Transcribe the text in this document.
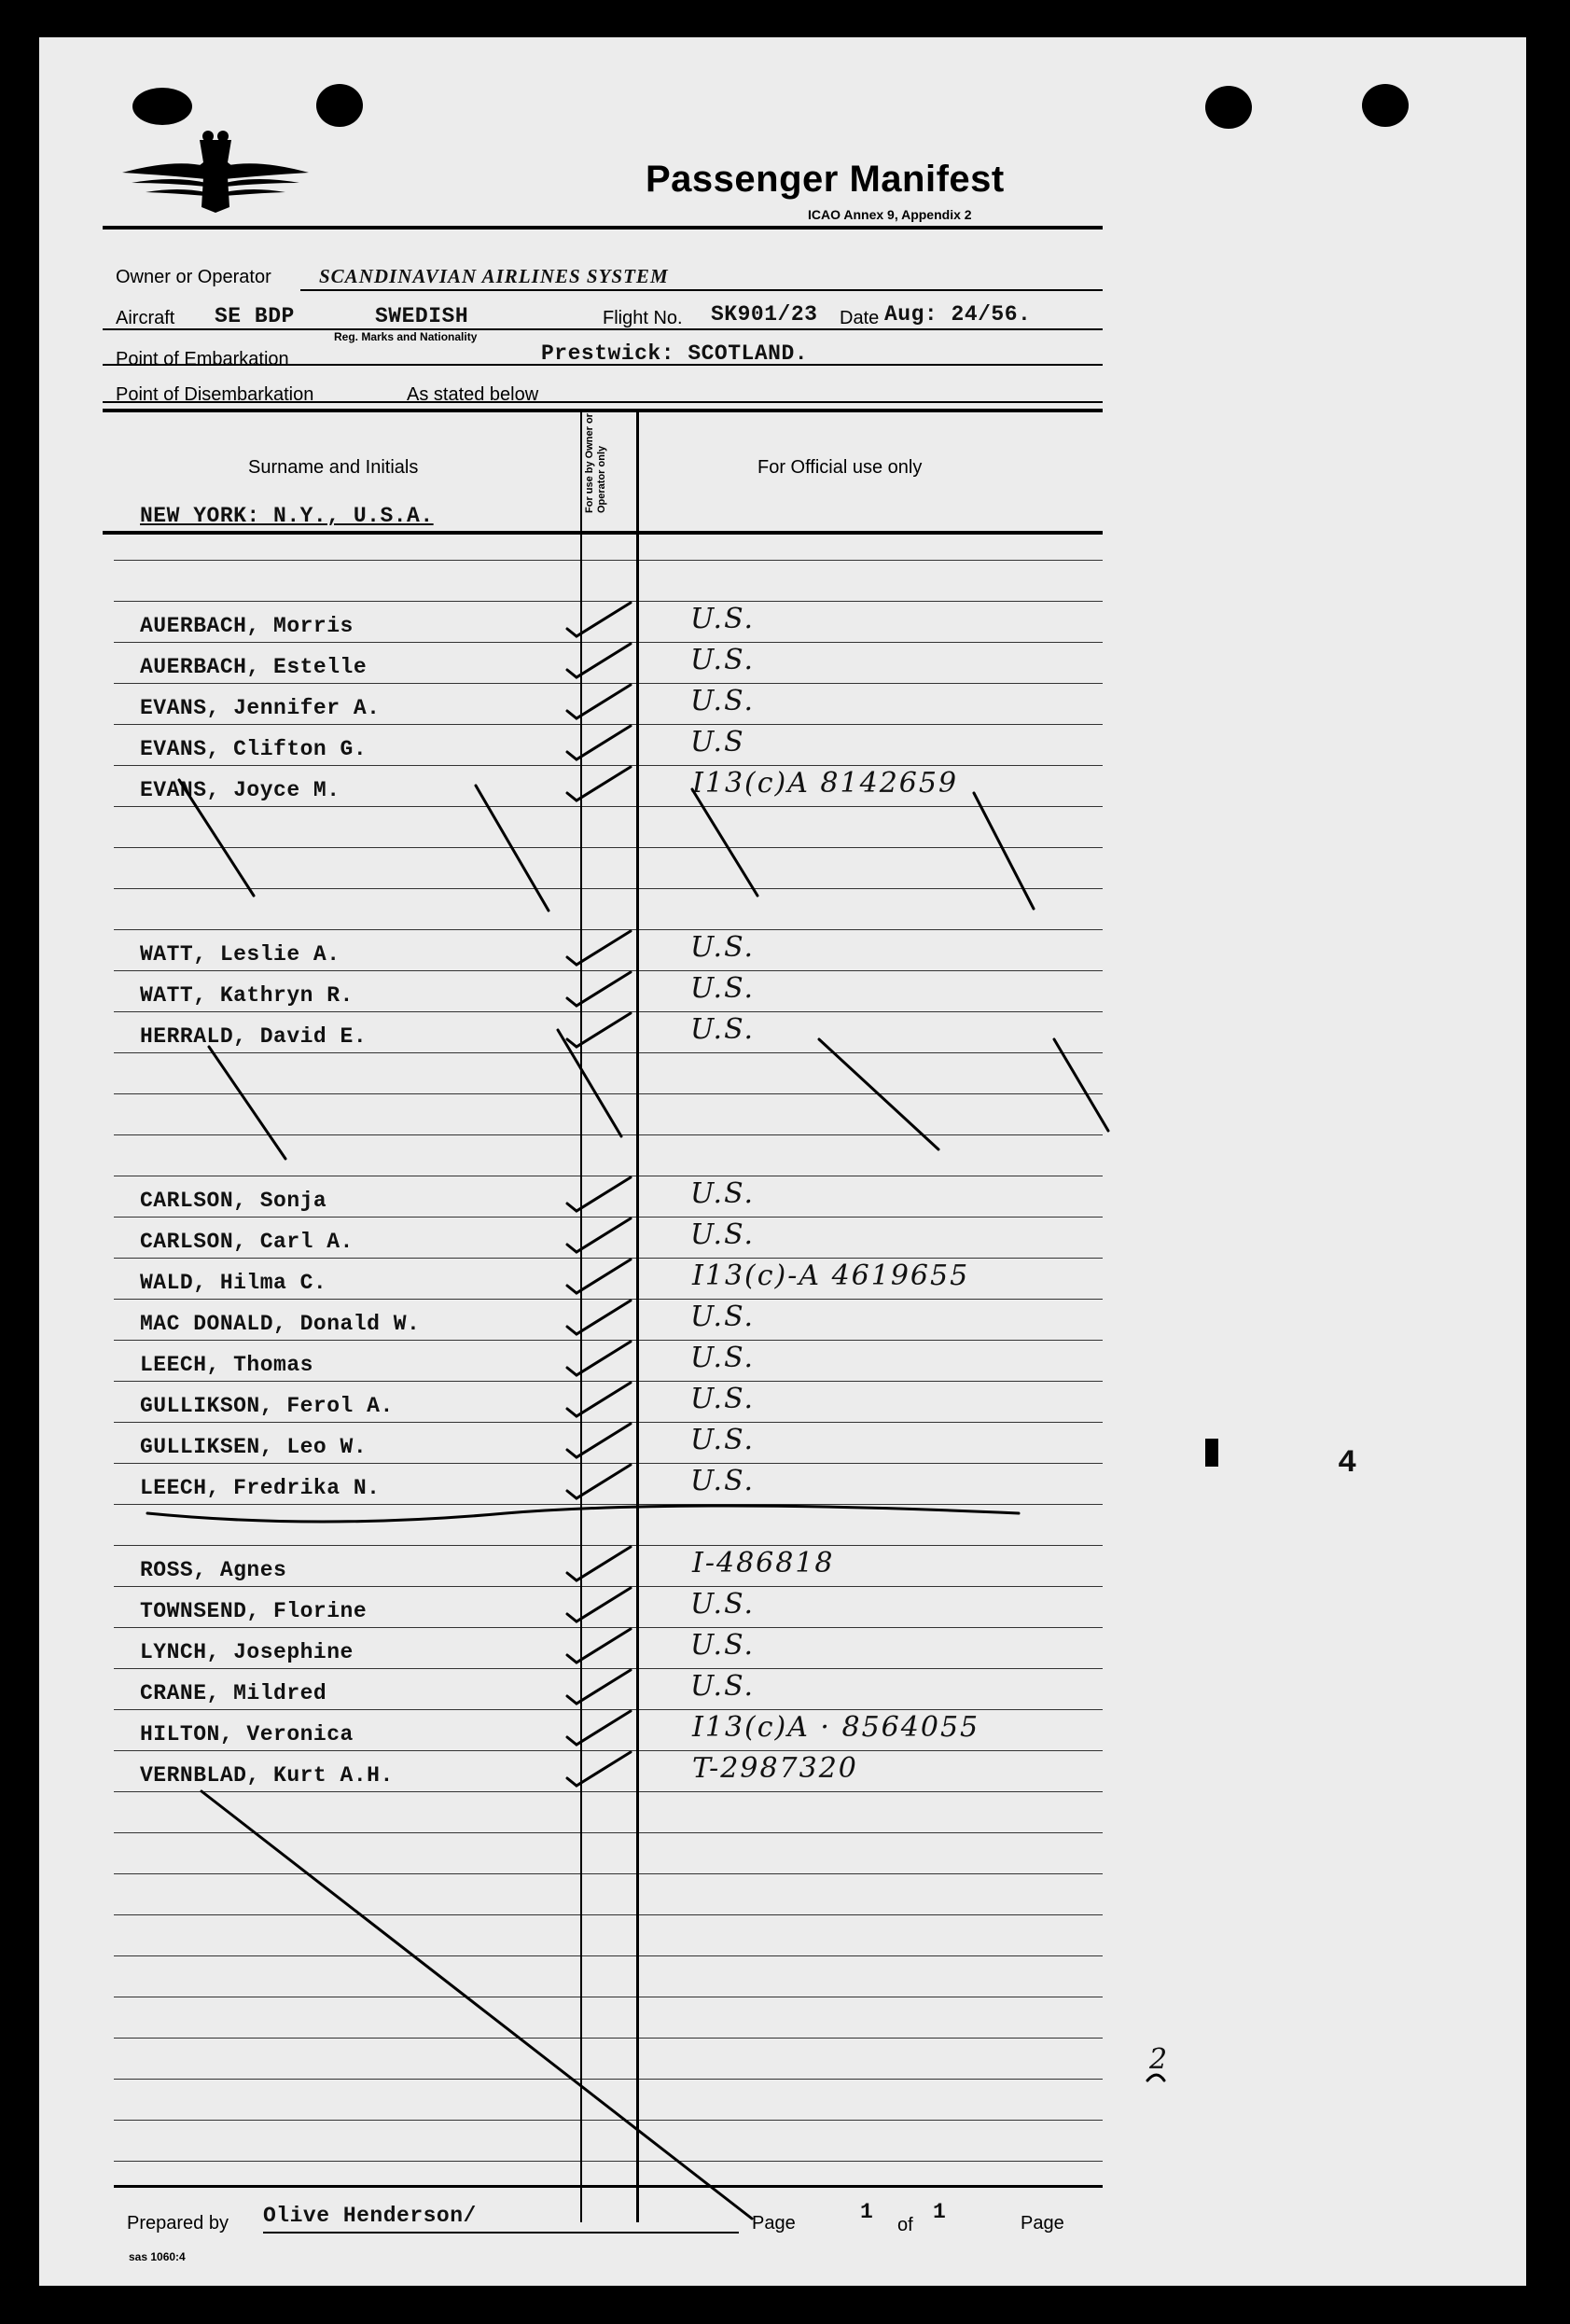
Passenger Manifest
ICAO Annex 9, Appendix 2
Owner or Operator SCANDINAVIAN AIRLINES SYSTEM
Aircraft SE BDP	SWEDISH
Reg. Marks and Nationality
Flight No. SK901/23 Date Aug: 24/56.
Point of Embarkation	Prestwick: SCOTLAND.
Point of Disembarkation	As stated below
Surname and Initials	For use by Owner or Operator only	For Official use only
NEW YORK: N.Y., U.S.A.
AUERBACH, Morris	U.S.
AUERBACH, Estelle	U.S.
EVANS, Jennifer A.	U.S.
EVANS, Clifton G.	U.S
EVANS, Joyce M.	I13(c)A 8142659
WATT, Leslie A.	U.S.
WATT, Kathryn R.	U.S.
HERRALD, David E.	U.S.
CARLSON, Sonja	U.S.
CARLSON, Carl A.	U.S.
WALD, Hilma C.	I13(c)-A 4619655
MAC DONALD, Donald W.	U.S.
LEECH, Thomas	U.S.
GULLIKSON, Ferol A.	U.S.
GULLIKSEN, Leo W.	U.S.
LEECH, Fredrika N.	U.S.
ROSS, Agnes	I-486818
TOWNSEND, Florine	U.S.
LYNCH, Josephine	U.S.
CRANE, Mildred	U.S.
HILTON, Veronica	I13(c)A · 8564055
VERNBLAD, Kurt A.H.	T-2987320
Prepared by Olive Henderson/	Page	1
of
1	Page
sas 1060:4
4
2
